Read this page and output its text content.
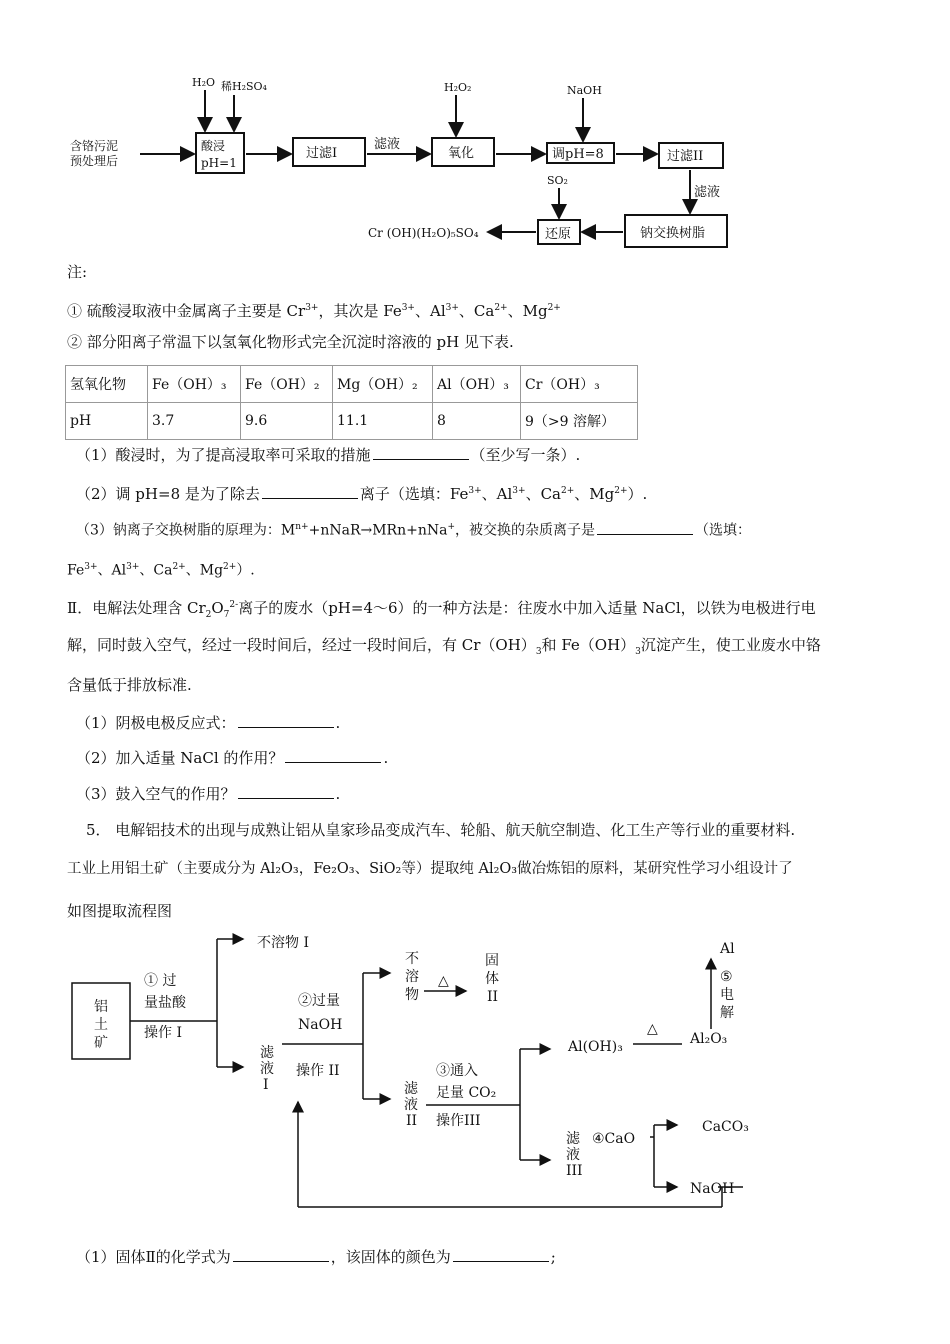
含铬污泥
预处理后
H₂O 稀H₂SO₄
酸浸
pH=1
过滤I
滤液
H₂O₂
氧化
NaOH
调pH=8	过滤II
滤液
SO₂
还原	钠交换树脂
Cr (OH)(H₂O)₅SO₄
注:
① 硫酸浸取液中金属离子主要是 $Cr^{3+}$，其次是 $Fe^{3+}$、$Al^{3+}$、$Ca^{2+}$、$Mg^{2+}$
② 部分阳离子常温下以氢氧化物形式完全沉淀时溶液的 pH 见下表.
氢氧化物	Fe（OH）₃	Fe（OH）₂	Mg（OH）₂	Al（OH）₃	Cr（OH）₃
pH	3.7	9.6	11.1	8	9（>9 溶解）
（1）酸浸时，为了提高浸取率可采取的措施	（至少写一条）.
（2）调 pH=8 是为了除去	离子（选填：$Fe^{3+}$、$Al^{3+}$、$Ca^{2+}$、$Mg^{2+}$）.
（3）钠离子交换树脂的原理为：$M^{n+}+nNaR\to MRn+nNa^+$，被交换的杂质离子是	（选填：
$Fe^{3+}$、$Al^{3+}$、$Ca^{2+}$、$Mg^{2+}$）.
Ⅱ．电解法处理含 $Cr_2O_7^{2-}$离子的废水（pH=4～6）的一种方法是：往废水中加入适量 NaCl，以铁为电极进行电
解，同时鼓入空气，经过一段时间后，经过一段时间后，有 $Cr(OH)_3$和 $Fe(OH)_3$沉淀产生，使工业废水中铬
含量低于排放标准.
（1）阴极电极反应式：	.
（2）加入适量 NaCl 的作用？	.
（3）鼓入空气的作用？	.
5． 电解铝技术的出现与成熟让铝从皇家珍品变成汽车、轮船、航天航空制造、化工生产等行业的重要材料.
工业上用铝土矿（主要成分为 Al₂O₃，Fe₂O₃、SiO₂等）提取纯 Al₂O₃做冶炼铝的原料，某研究性学习小组设计了
如图提取流程图
铝
土
矿
① 过
量盐酸
操作 I
不溶物 I
滤
液
I
②过量
NaOH
操作 II
不
溶
物
△
固
体
II
滤
液
II
③通入
足量 CO₂
操作III
Al(OH)₃
△
Al₂O₃
Al
⑤
电
解
滤
液
III
④CaO
CaCO₃
NaOH
（1）固体Ⅱ的化学式为	，该固体的颜色为	;
